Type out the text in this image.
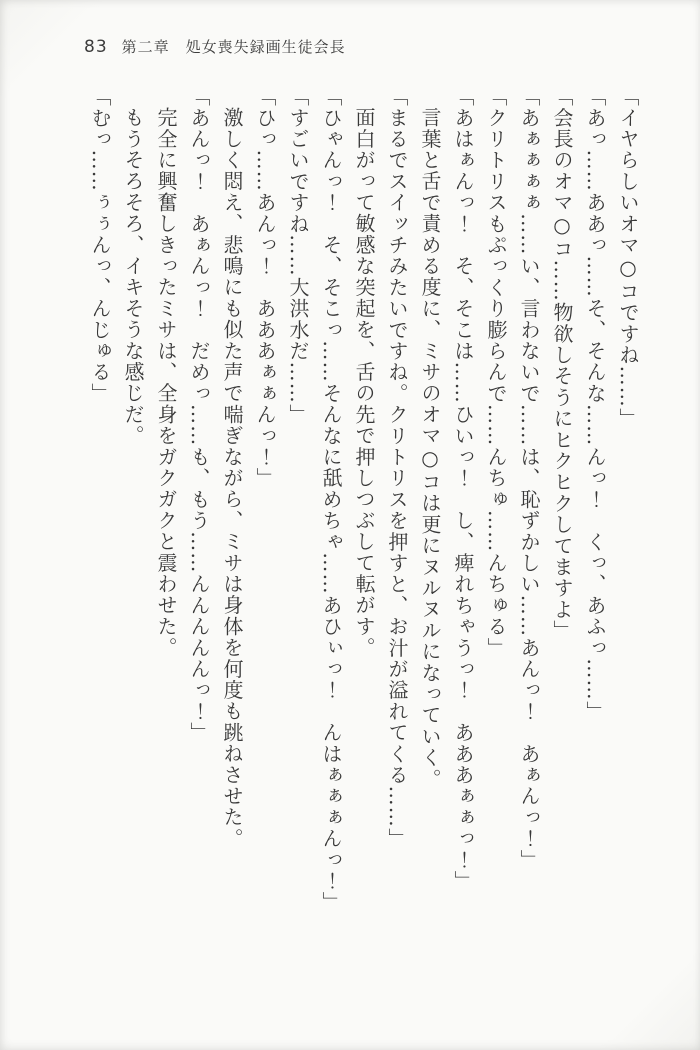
83 第二章　処女喪失録画生徒会長

「イヤらしいオマ○コですね……」

「あっ……ああっ……そ、そんな……んっ！　くっ、あふっ……」

「会長のオマ○コ……物欲しそうにヒクヒクしてますよ」

「あぁぁぁぁ……い、言わないで……は、恥ずかしい……あんっ！　あぁんっ！」

「クリトリスもぷっくり膨らんで……んちゅ……んちゅる」

「あはぁんっ！　そ、そこは……ひいっ！　し、痺れちゃうっ！　あああぁぁっ！」

言葉と舌で責める度に、ミサのオマ○コは更にヌルヌルになっていく。

「まるでスイッチみたいですね。クリトリスを押すと、お汁が溢れてくる……」

面白がって敏感な突起を、舌の先で押しつぶして転がす。

「ひゃんっ！　そ、そこっ……そんなに舐めちゃ……あひぃっ！　んはぁぁぁんっ！」

「すごいですね……大洪水だ……」

「ひっ……あんっ！　あああぁぁんっ！」

激しく悶え、悲鳴にも似た声で喘ぎながら、ミサは身体を何度も跳ねさせた。

「あんっ！　あぁんっ！　だめっ……も、もう……んんんんんっ！」

完全に興奮しきったミサは、全身をガクガクと震わせた。

もうそろそろ、イキそうな感じだ。

「むっ……ぅぅんっ、んじゅる」
